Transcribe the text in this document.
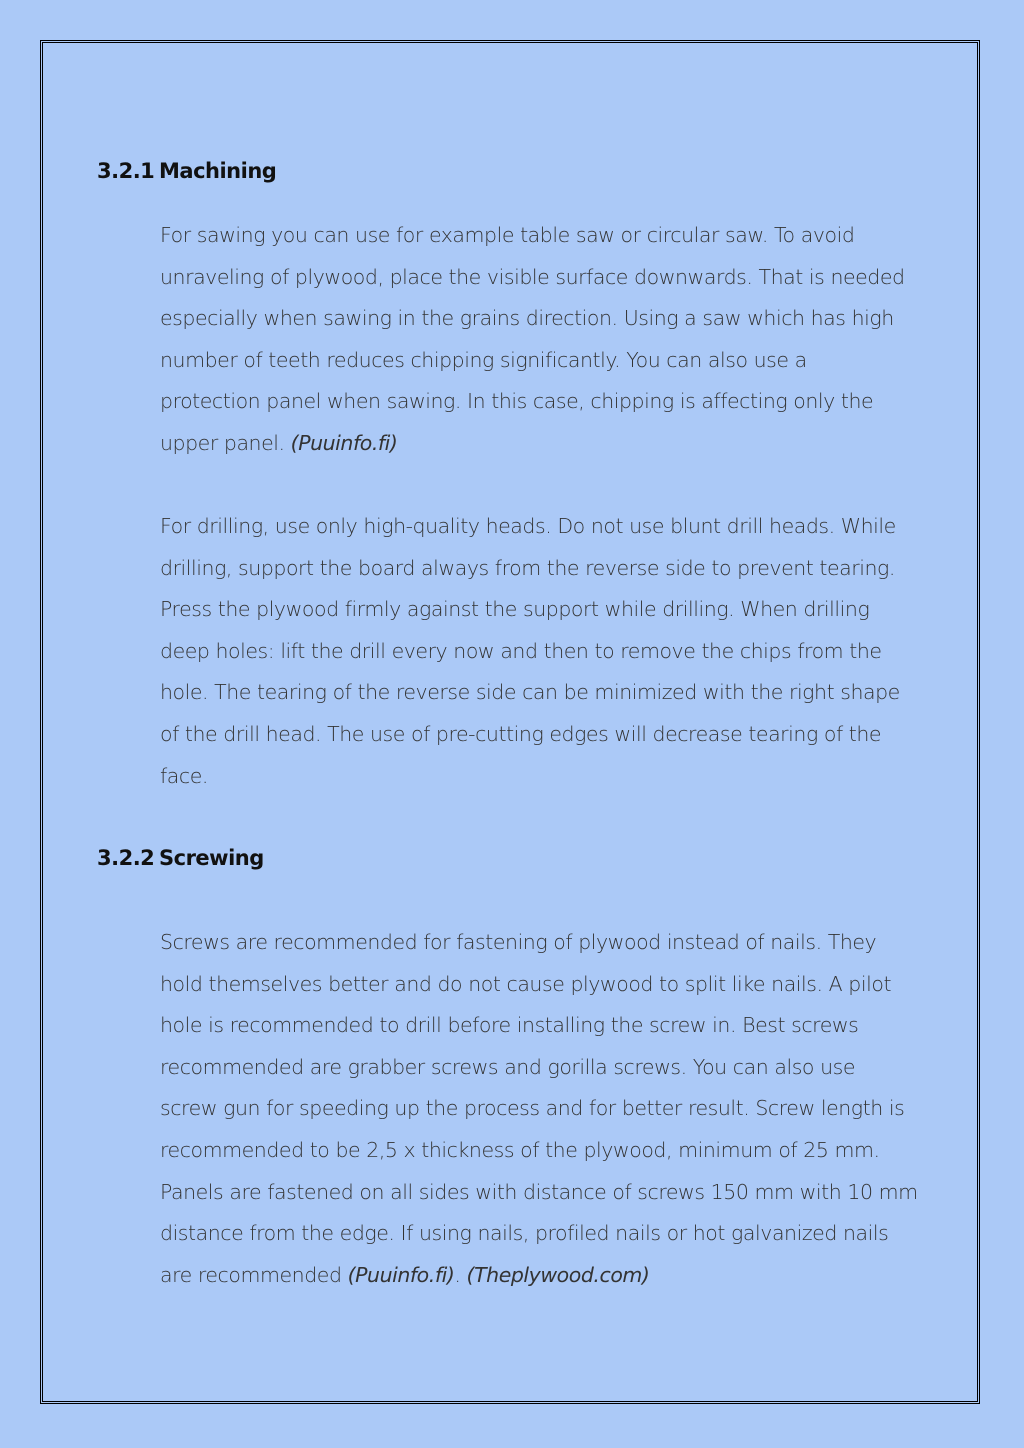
3.2.1 Machining

For sawing you can use for example table saw or circular saw. To avoid
unraveling of plywood, place the visible surface downwards. That is needed
especially when sawing in the grains direction. Using a saw which has high
number of teeth reduces chipping significantly. You can also use a
protection panel when sawing. In this case, chipping is affecting only the
upper panel. (Puuinfo.fi)

For drilling, use only high-quality heads. Do not use blunt drill heads. While
drilling, support the board always from the reverse side to prevent tearing.
Press the plywood firmly against the support while drilling. When drilling
deep holes: lift the drill every now and then to remove the chips from the
hole. The tearing of the reverse side can be minimized with the right shape
of the drill head. The use of pre-cutting edges will decrease tearing of the
face.

3.2.2 Screwing

Screws are recommended for fastening of plywood instead of nails. They
hold themselves better and do not cause plywood to split like nails. A pilot
hole is recommended to drill before installing the screw in. Best screws
recommended are grabber screws and gorilla screws. You can also use
screw gun for speeding up the process and for better result. Screw length is
recommended to be 2,5 x thickness of the plywood, minimum of 25 mm.
Panels are fastened on all sides with distance of screws 150 mm with 10 mm
distance from the edge. If using nails, profiled nails or hot galvanized nails
are recommended (Puuinfo.fi). (Theplywood.com)
